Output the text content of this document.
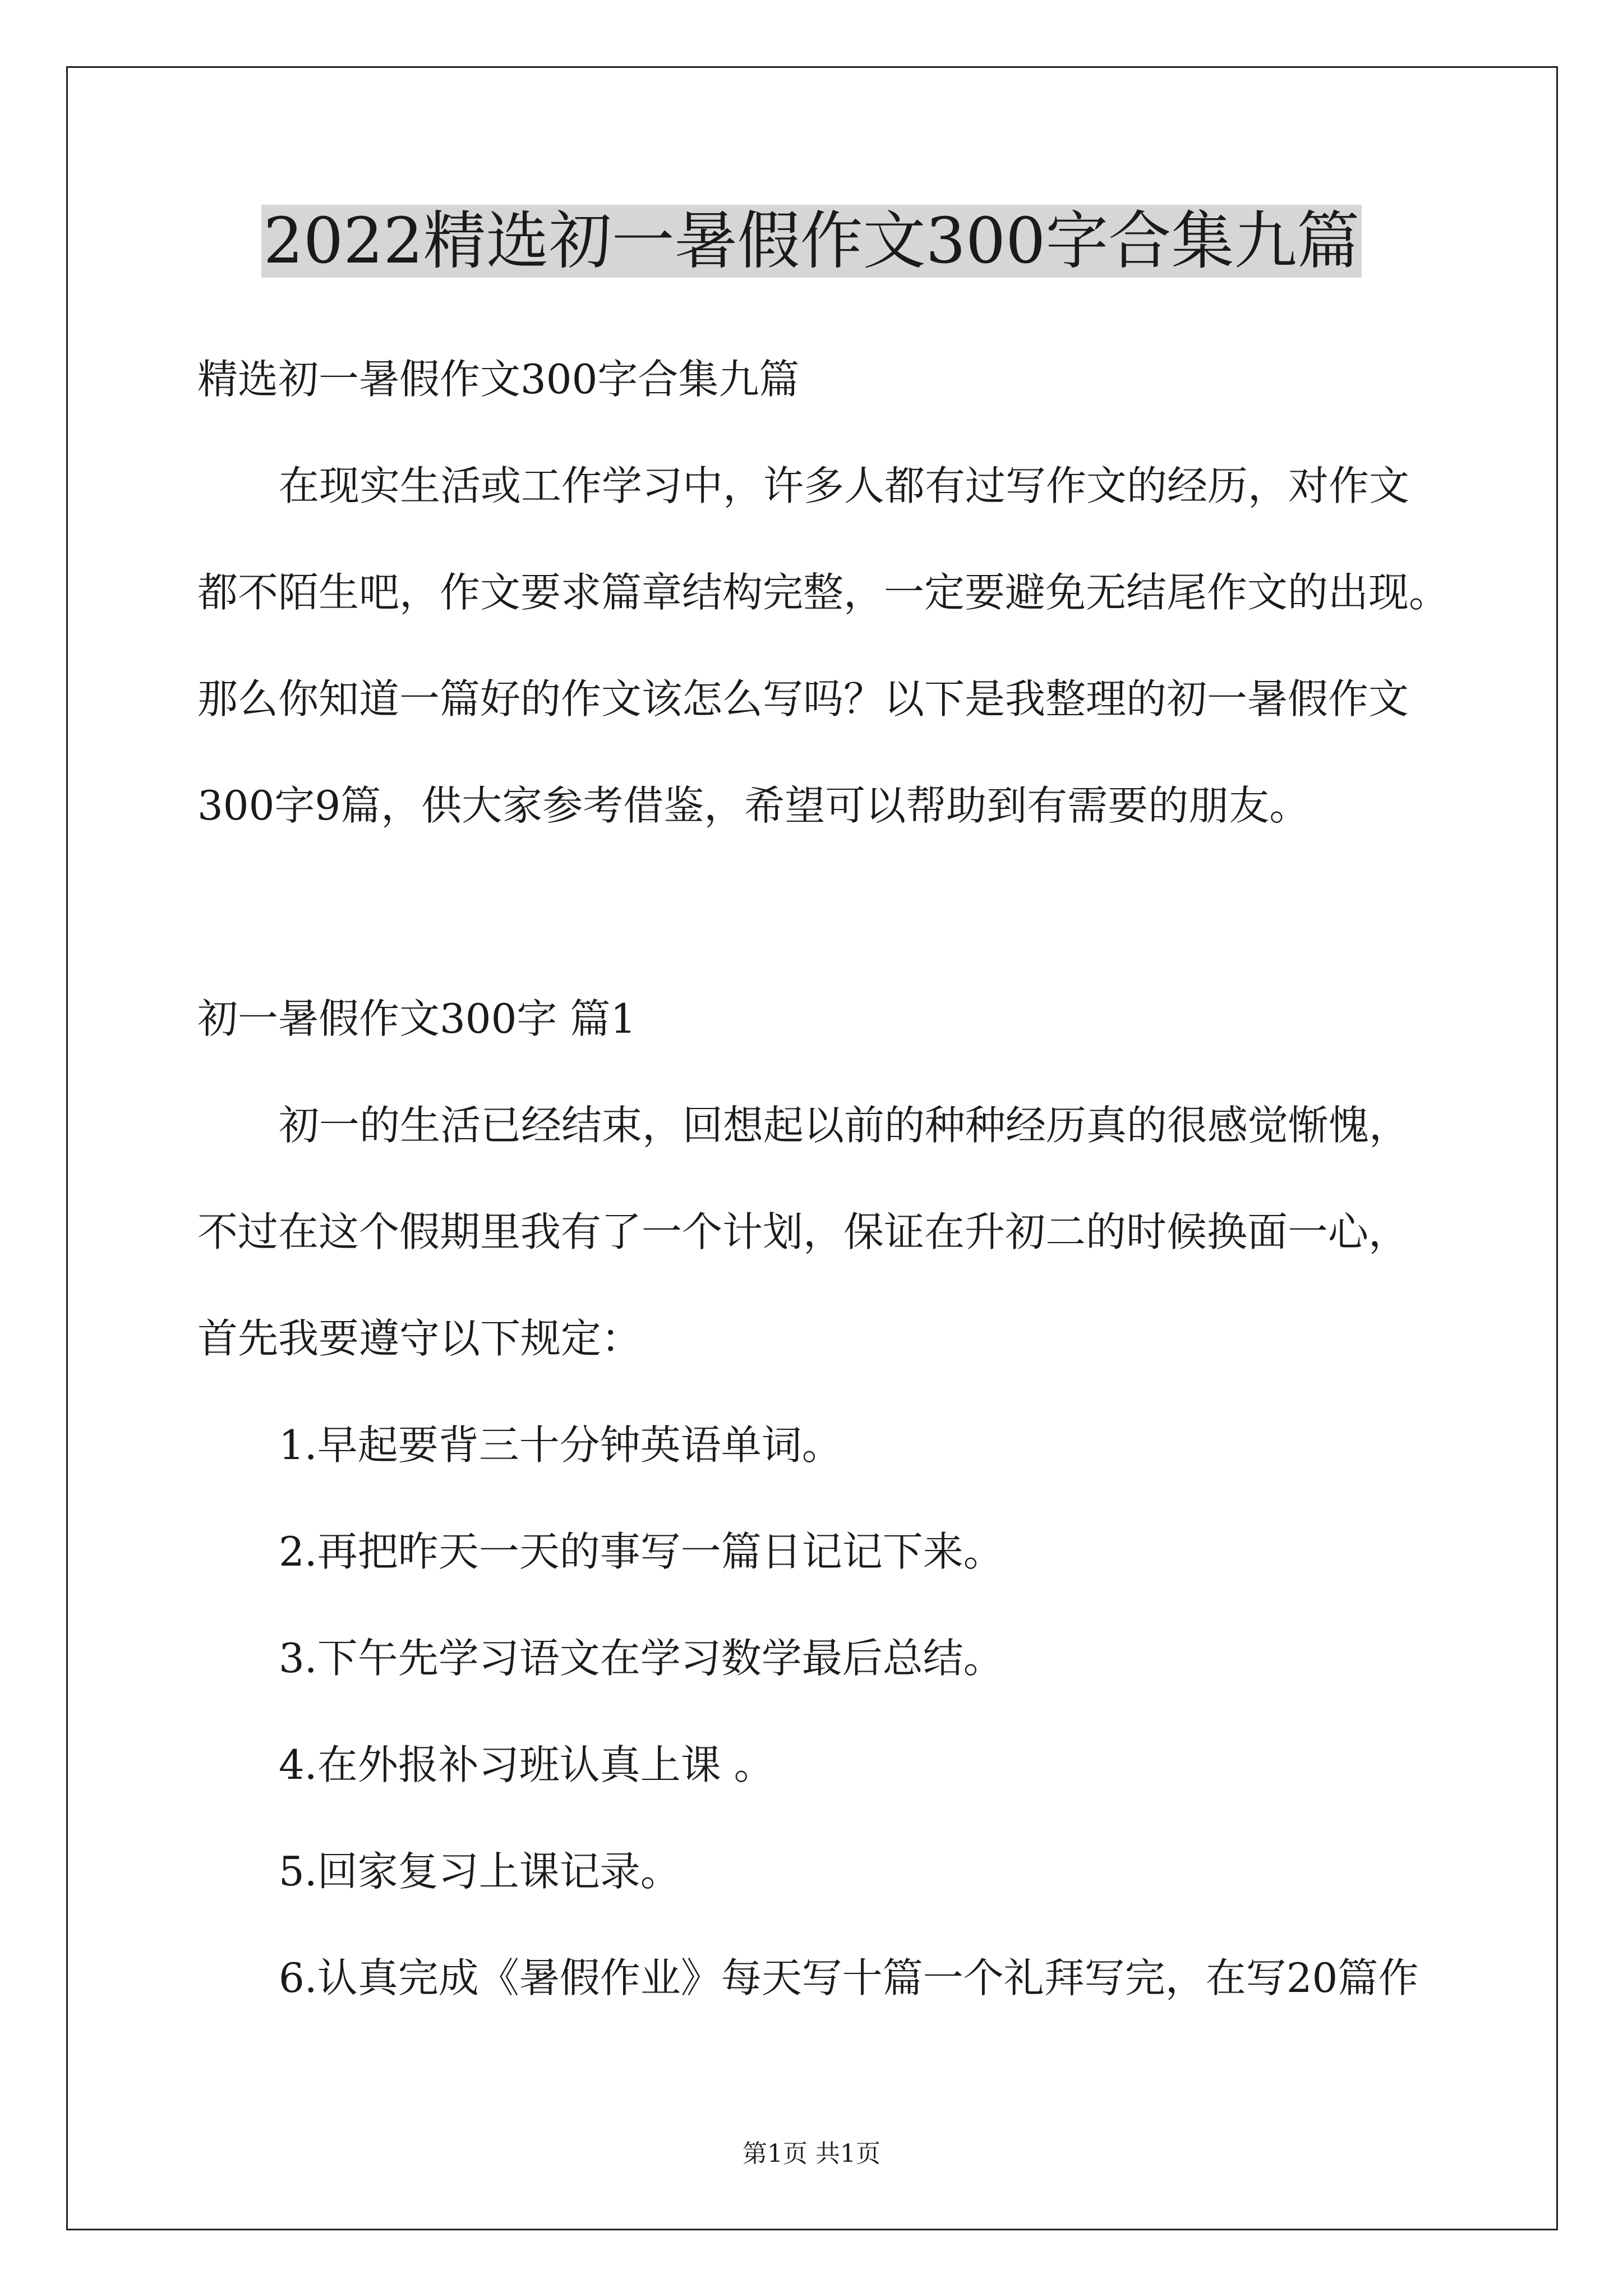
2022精选初一暑假作文300字合集九篇
精选初一暑假作文300字合集九篇
在现实生活或工作学习中，许多人都有过写作文的经历，对作文
都不陌生吧，作文要求篇章结构完整，一定要避免无结尾作文的出现。
那么你知道一篇好的作文该怎么写吗？以下是我整理的初一暑假作文
300字9篇，供大家参考借鉴，希望可以帮助到有需要的朋友。
初一暑假作文300字 篇1
初一的生活已经结束，回想起以前的种种经历真的很感觉惭愧，
不过在这个假期里我有了一个计划，保证在升初二的时候换面一心，
首先我要遵守以下规定：
1.早起要背三十分钟英语单词。
2.再把昨天一天的事写一篇日记记下来。
3.下午先学习语文在学习数学最后总结。
4.在外报补习班认真上课 。
5.回家复习上课记录。
6.认真完成《暑假作业》每天写十篇一个礼拜写完，在写20篇作
第1页 共1页
